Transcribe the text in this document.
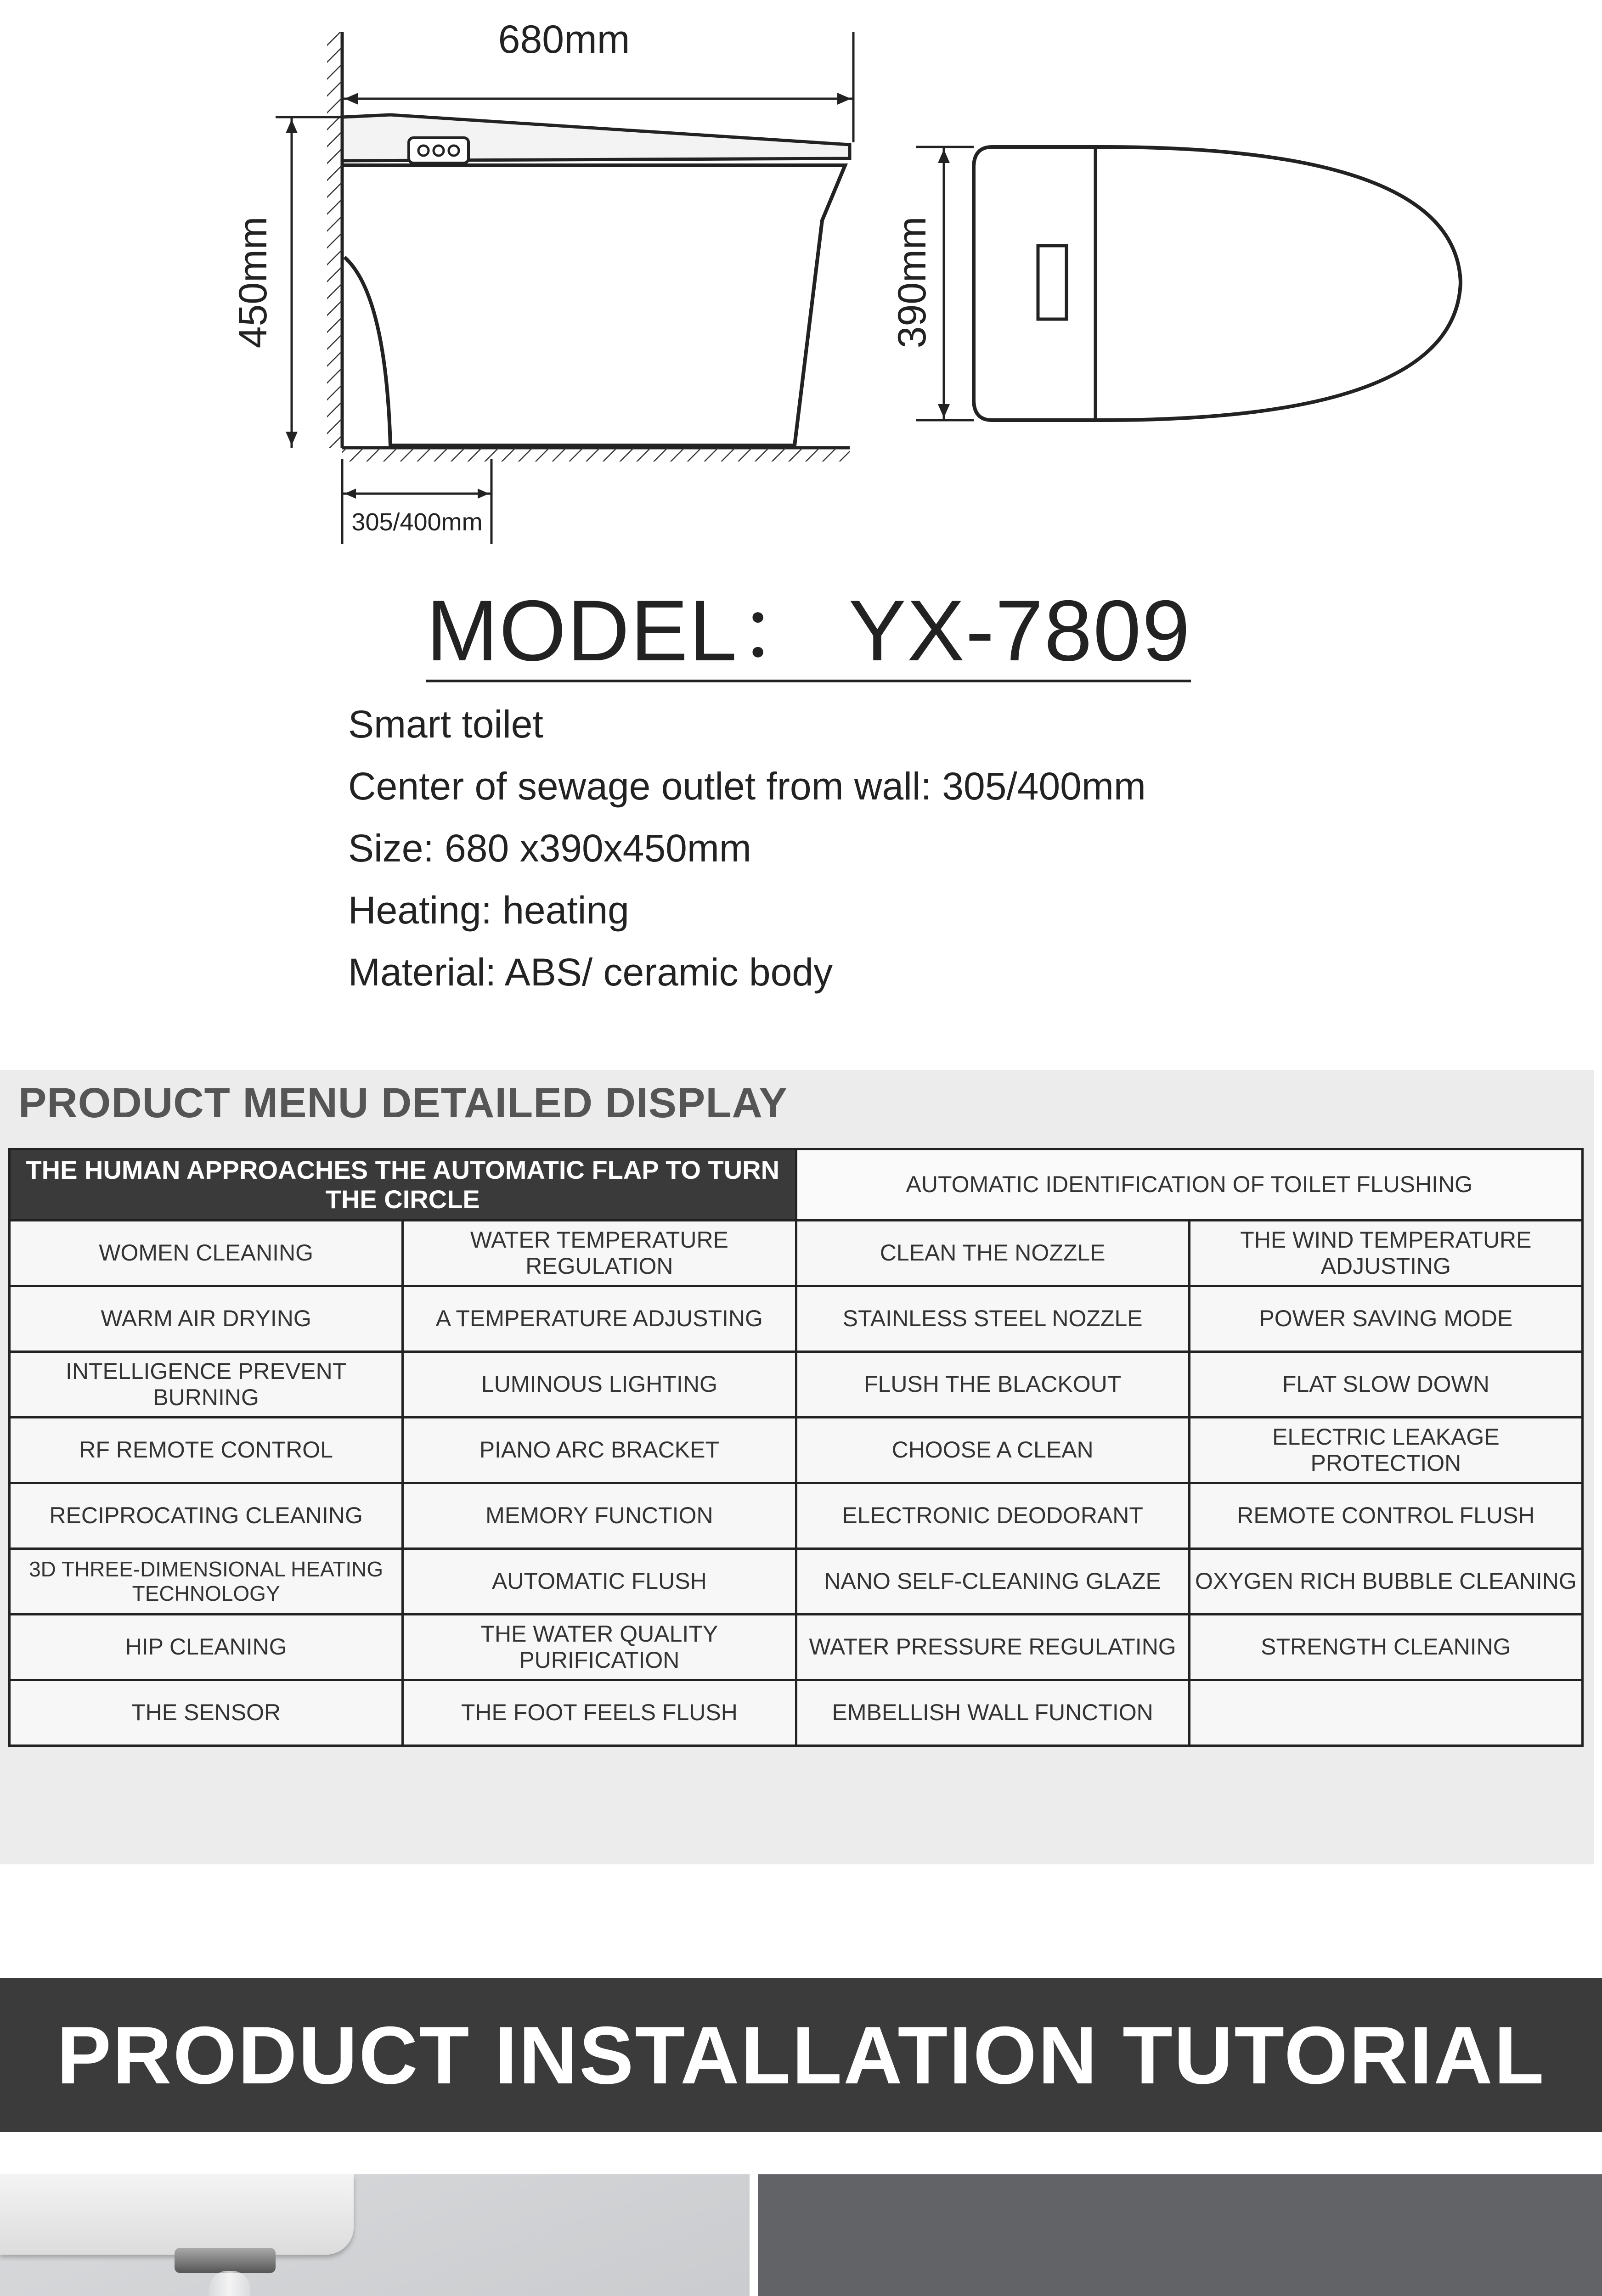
680mm
450mm
305/400mm
390mm
MODEL： YX-7809
Smart toilet
Center of sewage outlet from wall: 305/400mm
Size: 680 x390x450mm
Heating: heating
Material: ABS/ ceramic body
PRODUCT MENU DETAILED DISPLAY
THE HUMAN APPROACHES THE AUTOMATIC FLAP TO TURN THE CIRCLE		AUTOMATIC IDENTIFICATION OF TOILET FLUSHING	
WOMEN CLEANING	WATER TEMPERATURE REGULATION	CLEAN THE NOZZLE	THE WIND TEMPERATURE ADJUSTING
WARM AIR DRYING	A TEMPERATURE ADJUSTING	STAINLESS STEEL NOZZLE	POWER SAVING MODE
INTELLIGENCE PREVENT BURNING	LUMINOUS LIGHTING	FLUSH THE BLACKOUT	FLAT SLOW DOWN
RF REMOTE CONTROL	PIANO ARC BRACKET	CHOOSE A CLEAN	ELECTRIC LEAKAGE PROTECTION
RECIPROCATING CLEANING	MEMORY FUNCTION	ELECTRONIC DEODORANT	REMOTE CONTROL FLUSH
3D THREE-DIMENSIONAL HEATING TECHNOLOGY	AUTOMATIC FLUSH	NANO SELF-CLEANING GLAZE	OXYGEN RICH BUBBLE CLEANING
HIP CLEANING	THE WATER QUALITY PURIFICATION	WATER PRESSURE REGULATING	STRENGTH CLEANING
THE SENSOR	THE FOOT FEELS FLUSH	EMBELLISH WALL FUNCTION	
PRODUCT INSTALLATION TUTORIAL
